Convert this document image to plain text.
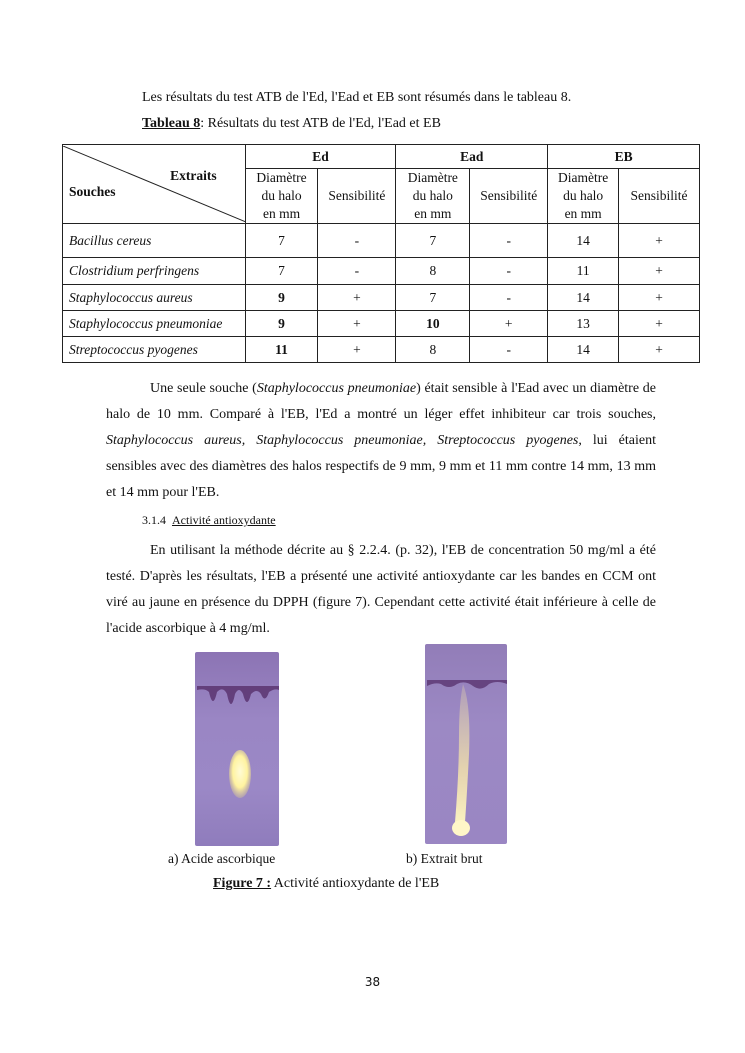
Les résultats du test ATB de l'Ed, l'Ead et EB sont résumés dans le tableau 8.
Tableau 8: Résultats du test ATB de l'Ed, l'Ead et EB
Extraits
Souches	Ed		Ead		EB	
	Diamètre
du halo
en mm	Sensibilité	Diamètre
du halo
en mm	Sensibilité	Diamètre
du halo
en mm	Sensibilité
Bacillus cereus	7	-	7	-	14	+
Clostridium perfringens	7	-	8	-	11	+
Staphylococcus aureus	9	+	7	-	14	+
Staphylococcus pneumoniae	9	+	10	+	13	+
Streptococcus pyogenes	11	+	8	-	14	+
Une seule souche (Staphylococcus pneumoniae) était sensible à l'Ead avec un diamètre de halo de 10 mm. Comparé à l'EB, l'Ed a montré un léger effet inhibiteur car trois souches, Staphylococcus aureus, Staphylococcus pneumoniae, Streptococcus pyogenes, lui étaient sensibles avec des diamètres des halos respectifs de 9 mm, 9 mm et 11 mm contre 14 mm, 13 mm et 14 mm pour l'EB.
3.1.4 Activité antioxydante
En utilisant la méthode décrite au § 2.2.4. (p. 32), l'EB de concentration 50 mg/ml a été testé. D'après les résultats, l'EB a présenté une activité antioxydante car les bandes en CCM ont viré au jaune en présence du DPPH (figure 7). Cependant cette activité était inférieure à celle de l'acide ascorbique à 4 mg/ml.
a) Acide ascorbique	b) Extrait brut
Figure 7 : Activité antioxydante de l'EB
38
